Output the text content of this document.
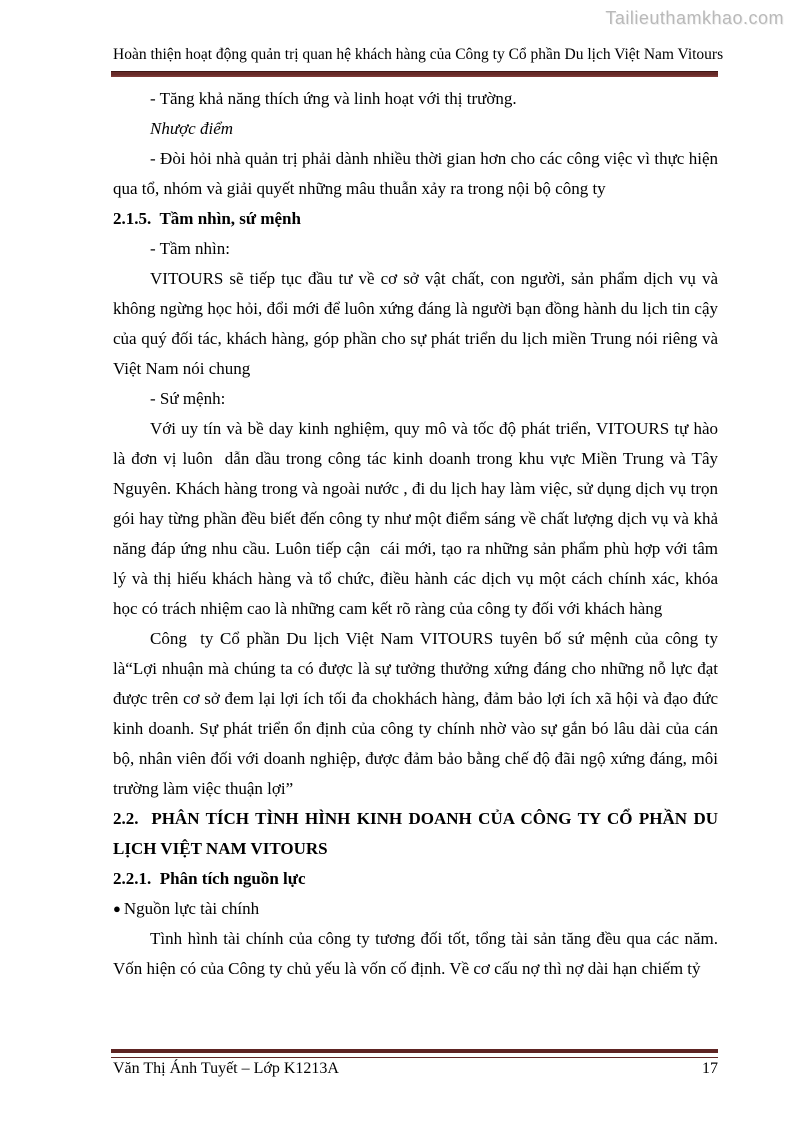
Tailieuthamkhao.com
Hoàn thiện hoạt động quản trị quan hệ khách hàng của Công ty Cổ phần Du lịch Việt Nam Vitours

- Tăng khả năng thích ứng và linh hoạt với thị trường.

Nhược điểm

- Đòi hỏi nhà quản trị phải dành nhiều thời gian hơn cho các công việc vì thực hiện qua tổ, nhóm và giải quyết những mâu thuẫn xảy ra trong nội bộ công ty

2.1.5.  Tầm nhìn, sứ mệnh

- Tầm nhìn:

VITOURS sẽ tiếp tục đầu tư về cơ sở vật chất, con người, sản phẩm dịch vụ và không ngừng học hỏi, đổi mới để luôn xứng đáng là người bạn đồng hành du lịch tin cậy của quý đối tác, khách hàng, góp phần cho sự phát triển du lịch miền Trung nói riêng và Việt Nam nói chung

- Sứ mệnh:

Với uy tín và bề day kinh nghiệm, quy mô và tốc độ phát triển, VITOURS tự hào là đơn vị luôn  dẫn dầu trong công tác kinh doanh trong khu vực Miền Trung và Tây Nguyên. Khách hàng trong và ngoài nước , đi du lịch hay làm việc, sử dụng dịch vụ trọn gói hay từng phần đều biết đến công ty như một điểm sáng về chất lượng dịch vụ và khả năng đáp ứng nhu cầu. Luôn tiếp cận  cái mới, tạo ra những sản phẩm phù hợp với tâm lý và thị hiếu khách hàng và tổ chức, điều hành các dịch vụ một cách chính xác, khóa học có trách nhiệm cao là những cam kết rõ ràng của công ty đối với khách hàng

Công  ty Cổ phần Du lịch Việt Nam VITOURS tuyên bố sứ mệnh của công ty là“Lợi nhuận mà chúng ta có được là sự tưởng thưởng xứng đáng cho những nỗ lực đạt được trên cơ sở đem lại lợi ích tối đa chokhách hàng, đảm bảo lợi ích xã hội và đạo đức kinh doanh. Sự phát triển ổn định của công ty chính nhờ vào sự gắn bó lâu dài của cán bộ, nhân viên đối với doanh nghiệp, được đảm bảo bằng chế độ đãi ngộ xứng đáng, môi trường làm việc thuận lợi”

2.2.  PHÂN TÍCH TÌNH HÌNH KINH DOANH CỦA CÔNG TY CỔ PHẦN DU
LỊCH VIỆT NAM VITOURS
2.2.1.  Phân tích nguồn lực
● Nguồn lực tài chính

Tình hình tài chính của công ty tương đối tốt, tổng tài sản tăng đều qua các năm. Vốn hiện có của Công ty chủ yếu là vốn cố định. Về cơ cấu nợ thì nợ dài hạn chiếm tỷ

Văn Thị Ánh Tuyết – Lớp K1213A	17
